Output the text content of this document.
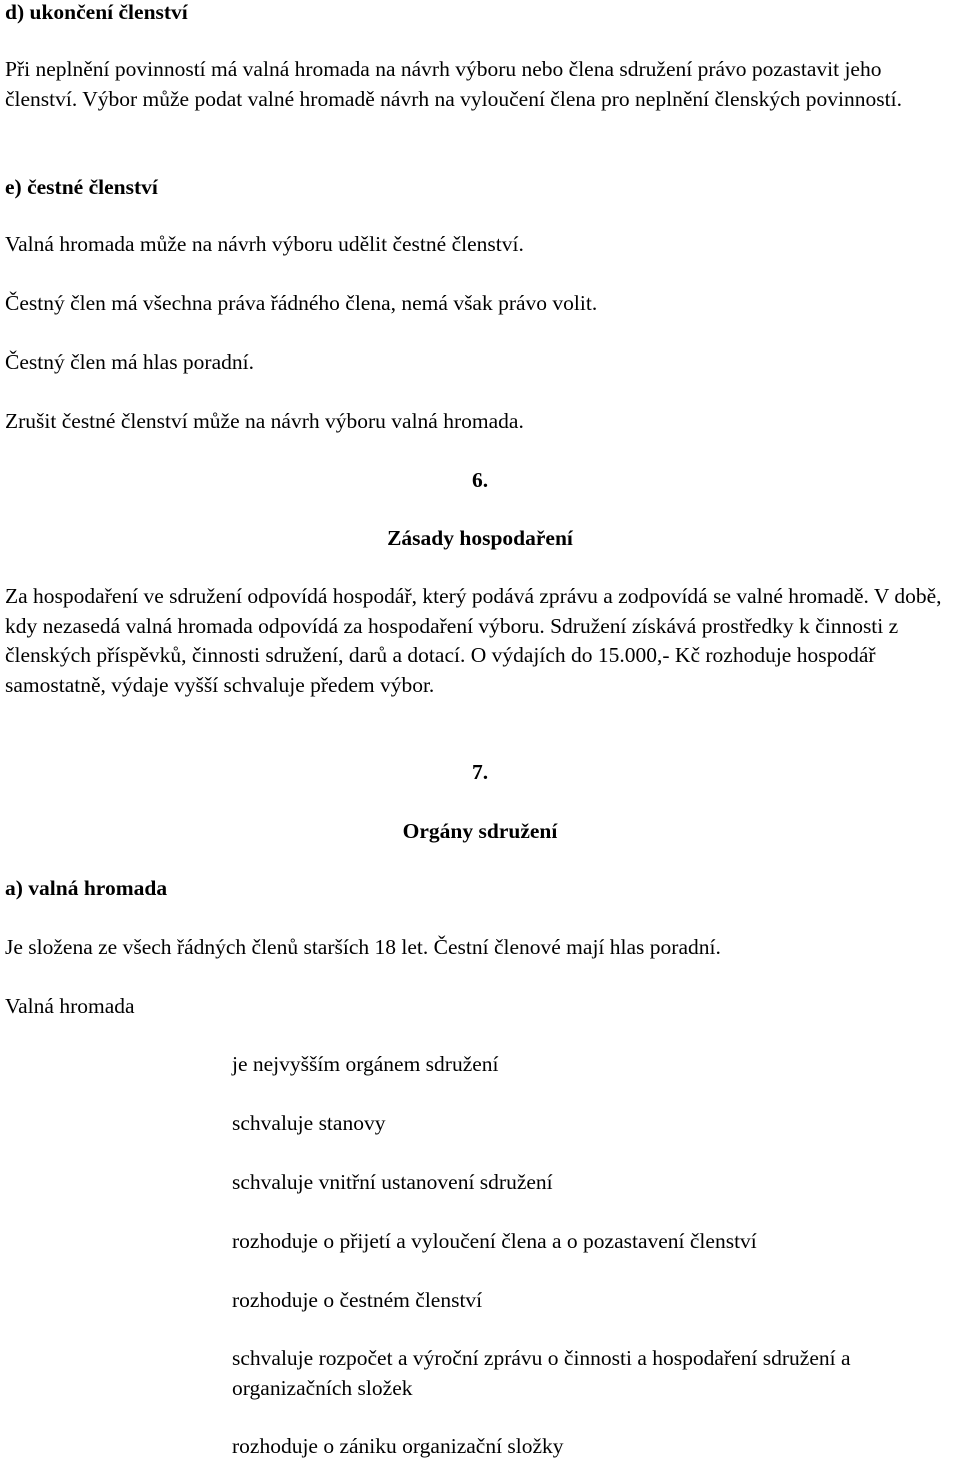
d) ukončení členství

Při neplnění povinností má valná hromada na návrh výboru nebo člena sdružení právo pozastavit jeho členství. Výbor může podat valné hromadě návrh na vyloučení člena pro neplnění členských povinností.

e) čestné členství

Valná hromada může na návrh výboru udělit čestné členství.

Čestný člen má všechna práva řádného člena, nemá však právo volit.

Čestný člen má hlas poradní.

Zrušit čestné členství může na návrh výboru valná hromada.

6.

Zásady hospodaření

Za hospodaření ve sdružení odpovídá hospodář, který podává zprávu a zodpovídá se valné hromadě. V době, kdy nezasedá valná hromada odpovídá za hospodaření výboru. Sdružení získává prostředky k činnosti z členských příspěvků, činnosti sdružení, darů a dotací. O výdajích do 15.000,- Kč rozhoduje hospodář samostatně, výdaje vyšší schvaluje předem výbor.

7.

Orgány sdružení

a) valná hromada

Je složena ze všech řádných členů starších 18 let. Čestní členové mají hlas poradní.

Valná hromada

je nejvyšším orgánem sdružení

schvaluje stanovy

schvaluje vnitřní ustanovení sdružení

rozhoduje o přijetí a vyloučení člena a o pozastavení členství

rozhoduje o čestném členství

schvaluje rozpočet a výroční zprávu o činnosti a hospodaření sdružení a organizačních složek

rozhoduje o zániku organizační složky
